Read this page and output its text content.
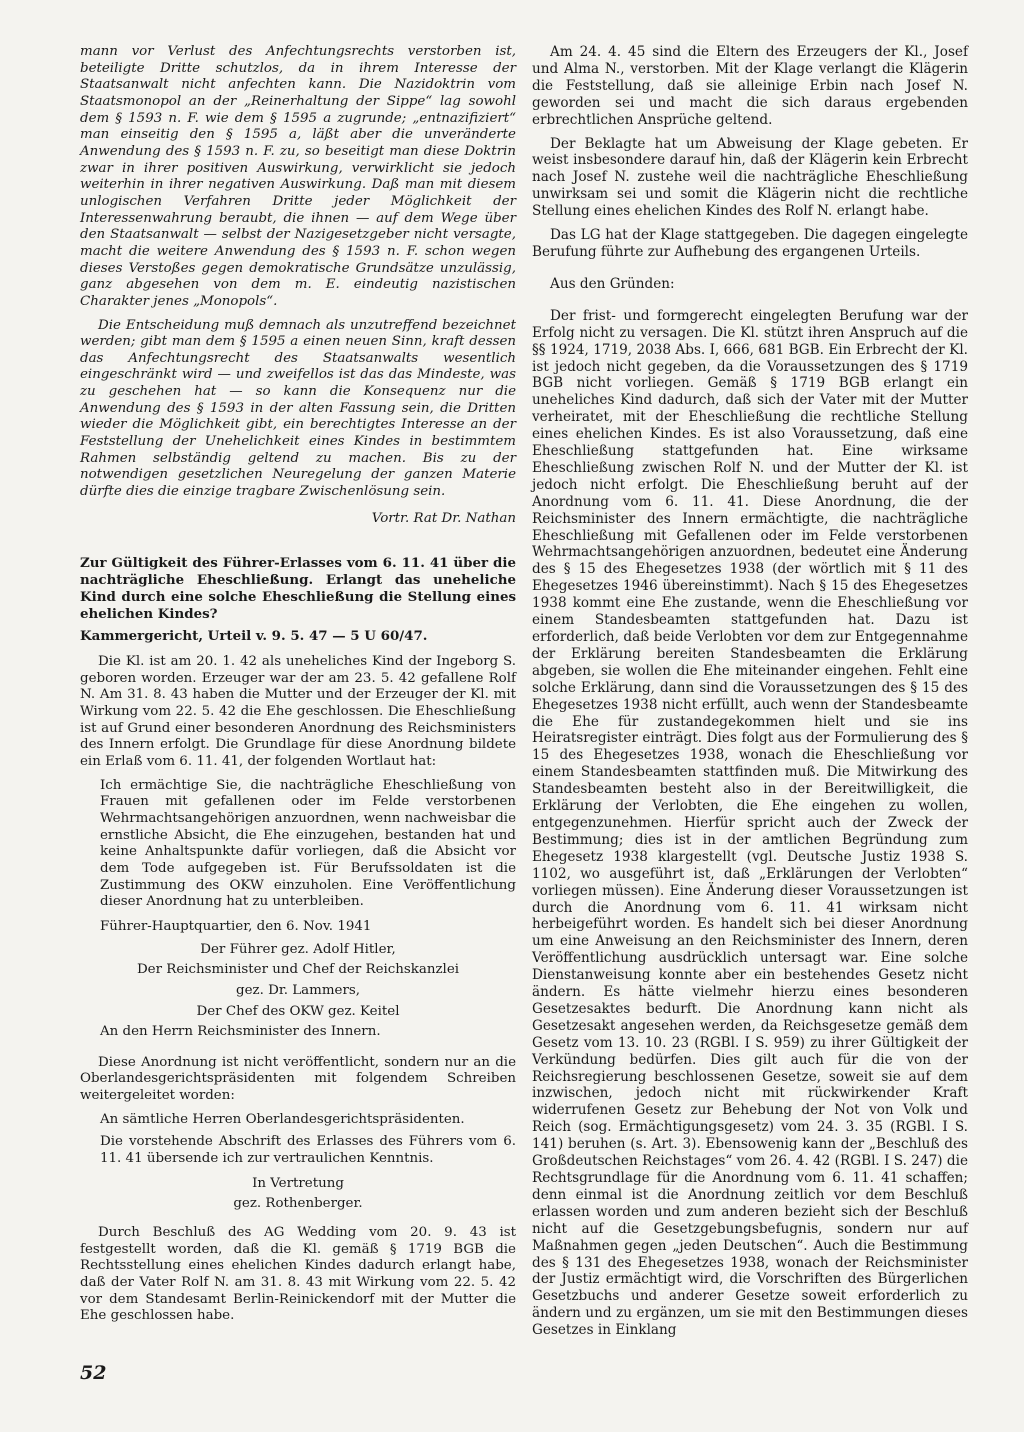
mann vor Verlust des Anfechtungsrechts verstorben ist, beteiligte Dritte schutzlos, da in ihrem Interesse der Staatsanwalt nicht anfechten kann. Die Nazidoktrin vom Staatsmonopol an der „Reinerhaltung der Sippe“ lag sowohl dem § 1593 n. F. wie dem § 1595 a zugrunde; „entnazifiziert“ man einseitig den § 1595 a, läßt aber die unveränderte Anwendung des § 1593 n. F. zu, so beseitigt man diese Doktrin zwar in ihrer positiven Auswirkung, verwirklicht sie jedoch weiterhin in ihrer negativen Auswirkung. Daß man mit diesem unlogischen Verfahren Dritte jeder Möglichkeit der Interessenwahrung beraubt, die ihnen — auf dem Wege über den Staatsanwalt — selbst der Nazigesetzgeber nicht versagte, macht die weitere Anwendung des § 1593 n. F. schon wegen dieses Verstoßes gegen demokratische Grundsätze unzulässig, ganz abgesehen von dem m. E. eindeutig nazistischen Charakter jenes „Monopols“.

Die Entscheidung muß demnach als unzutreffend bezeichnet werden; gibt man dem § 1595 a einen neuen Sinn, kraft dessen das Anfechtungsrecht des Staatsanwalts wesentlich eingeschränkt wird — und zweifellos ist das das Mindeste, was zu geschehen hat — so kann die Konsequenz nur die Anwendung des § 1593 in der alten Fassung sein, die Dritten wieder die Möglichkeit gibt, ein berechtigtes Interesse an der Feststellung der Unehelichkeit eines Kindes in bestimmtem Rahmen selbständig geltend zu machen. Bis zu der notwendigen gesetzlichen Neuregelung der ganzen Materie dürfte dies die einzige tragbare Zwischenlösung sein.

Vortr. Rat Dr. Nathan
Zur Gültigkeit des Führer-Erlasses vom 6. 11. 41 über die nachträgliche Eheschließung. Erlangt das uneheliche Kind durch eine solche Eheschließung die Stellung eines ehelichen Kindes?
Kammergericht, Urteil v. 9. 5. 47 — 5 U 60/47.

Die Kl. ist am 20. 1. 42 als uneheliches Kind der Ingeborg S. geboren worden. Erzeuger war der am 23. 5. 42 gefallene Rolf N. Am 31. 8. 43 haben die Mutter und der Erzeuger der Kl. mit Wirkung vom 22. 5. 42 die Ehe geschlossen. Die Eheschließung ist auf Grund einer besonderen Anordnung des Reichsministers des Innern erfolgt. Die Grundlage für diese Anordnung bildete ein Erlaß vom 6. 11. 41, der folgenden Wortlaut hat:

Ich ermächtige Sie, die nachträgliche Eheschließung von Frauen mit gefallenen oder im Felde verstorbenen Wehrmachtsangehörigen anzuordnen, wenn nachweisbar die ernstliche Absicht, die Ehe einzugehen, bestanden hat und keine Anhaltspunkte dafür vorliegen, daß die Absicht vor dem Tode aufgegeben ist. Für Berufssoldaten ist die Zustimmung des OKW einzuholen. Eine Veröffentlichung dieser Anordnung hat zu unterbleiben.

Führer-Hauptquartier, den 6. Nov. 1941
Der Führer gez. Adolf Hitler,
Der Reichsminister und Chef der Reichskanzlei
gez. Dr. Lammers,
Der Chef des OKW gez. Keitel
An den Herrn Reichsminister des Innern.

Diese Anordnung ist nicht veröffentlicht, sondern nur an die Oberlandesgerichtspräsidenten mit folgendem Schreiben weitergeleitet worden:

An sämtliche Herren Oberlandesgerichtspräsidenten.

Die vorstehende Abschrift des Erlasses des Führers vom 6. 11. 41 übersende ich zur vertraulichen Kenntnis.

In Vertretung
gez. Rothenberger.

Durch Beschluß des AG Wedding vom 20. 9. 43 ist festgestellt worden, daß die Kl. gemäß § 1719 BGB die Rechtsstellung eines ehelichen Kindes dadurch erlangt habe, daß der Vater Rolf N. am 31. 8. 43 mit Wirkung vom 22. 5. 42 vor dem Standesamt Berlin-Reinickendorf mit der Mutter die Ehe geschlossen habe.

Am 24. 4. 45 sind die Eltern des Erzeugers der Kl., Josef und Alma N., verstorben. Mit der Klage verlangt die Klägerin die Feststellung, daß sie alleinige Erbin nach Josef N. geworden sei und macht die sich daraus ergebenden erbrechtlichen Ansprüche geltend.

Der Beklagte hat um Abweisung der Klage gebeten. Er weist insbesondere darauf hin, daß der Klägerin kein Erbrecht nach Josef N. zustehe weil die nachträgliche Eheschließung unwirksam sei und somit die Klägerin nicht die rechtliche Stellung eines ehelichen Kindes des Rolf N. erlangt habe.

Das LG hat der Klage stattgegeben. Die dagegen eingelegte Berufung führte zur Aufhebung des ergangenen Urteils.

Aus den Gründen:

Der frist- und formgerecht eingelegten Berufung war der Erfolg nicht zu versagen. Die Kl. stützt ihren Anspruch auf die §§ 1924, 1719, 2038 Abs. I, 666, 681 BGB. Ein Erbrecht der Kl. ist jedoch nicht gegeben, da die Voraussetzungen des § 1719 BGB nicht vorliegen. Gemäß § 1719 BGB erlangt ein uneheliches Kind dadurch, daß sich der Vater mit der Mutter verheiratet, mit der Eheschließung die rechtliche Stellung eines ehelichen Kindes. Es ist also Voraussetzung, daß eine Eheschließung stattgefunden hat. Eine wirksame Eheschließung zwischen Rolf N. und der Mutter der Kl. ist jedoch nicht erfolgt. Die Eheschließung beruht auf der Anordnung vom 6. 11. 41. Diese Anordnung, die der Reichsminister des Innern ermächtigte, die nachträgliche Eheschließung mit Gefallenen oder im Felde verstorbenen Wehrmachtsangehörigen anzuordnen, bedeutet eine Änderung des § 15 des Ehegesetzes 1938 (der wörtlich mit § 11 des Ehegesetzes 1946 übereinstimmt). Nach § 15 des Ehegesetzes 1938 kommt eine Ehe zustande, wenn die Eheschließung vor einem Standesbeamten stattgefunden hat. Dazu ist erforderlich, daß beide Verlobten vor dem zur Entgegennahme der Erklärung bereiten Standesbeamten die Erklärung abgeben, sie wollen die Ehe miteinander eingehen. Fehlt eine solche Erklärung, dann sind die Voraussetzungen des § 15 des Ehegesetzes 1938 nicht erfüllt, auch wenn der Standesbeamte die Ehe für zustandegekommen hielt und sie ins Heiratsregister einträgt. Dies folgt aus der Formulierung des § 15 des Ehegesetzes 1938, wonach die Eheschließung vor einem Standesbeamten stattfinden muß. Die Mitwirkung des Standesbeamten besteht also in der Bereitwilligkeit, die Erklärung der Verlobten, die Ehe eingehen zu wollen, entgegenzunehmen. Hierfür spricht auch der Zweck der Bestimmung; dies ist in der amtlichen Begründung zum Ehegesetz 1938 klargestellt (vgl. Deutsche Justiz 1938 S. 1102, wo ausgeführt ist, daß „Erklärungen der Verlobten“ vorliegen müssen). Eine Änderung dieser Voraussetzungen ist durch die Anordnung vom 6. 11. 41 wirksam nicht herbeigeführt worden. Es handelt sich bei dieser Anordnung um eine Anweisung an den Reichsminister des Innern, deren Veröffentlichung ausdrücklich untersagt war. Eine solche Dienstanweisung konnte aber ein bestehendes Gesetz nicht ändern. Es hätte vielmehr hierzu eines besonderen Gesetzesaktes bedurft. Die Anordnung kann nicht als Gesetzesakt angesehen werden, da Reichsgesetze gemäß dem Gesetz vom 13. 10. 23 (RGBl. I S. 959) zu ihrer Gültigkeit der Verkündung bedürfen. Dies gilt auch für die von der Reichsregierung beschlossenen Gesetze, soweit sie auf dem inzwischen, jedoch nicht mit rückwirkender Kraft widerrufenen Gesetz zur Behebung der Not von Volk und Reich (sog. Ermächtigungsgesetz) vom 24. 3. 35 (RGBl. I S. 141) beruhen (s. Art. 3). Ebensowenig kann der „Beschluß des Großdeutschen Reichstages“ vom 26. 4. 42 (RGBl. I S. 247) die Rechtsgrundlage für die Anordnung vom 6. 11. 41 schaffen; denn einmal ist die Anordnung zeitlich vor dem Beschluß erlassen worden und zum anderen bezieht sich der Beschluß nicht auf die Gesetzgebungsbefugnis, sondern nur auf Maßnahmen gegen „jeden Deutschen“. Auch die Bestimmung des § 131 des Ehegesetzes 1938, wonach der Reichsminister der Justiz ermächtigt wird, die Vorschriften des Bürgerlichen Gesetzbuchs und anderer Gesetze soweit erforderlich zu ändern und zu ergänzen, um sie mit den Bestimmungen dieses Gesetzes in Einklang

52
